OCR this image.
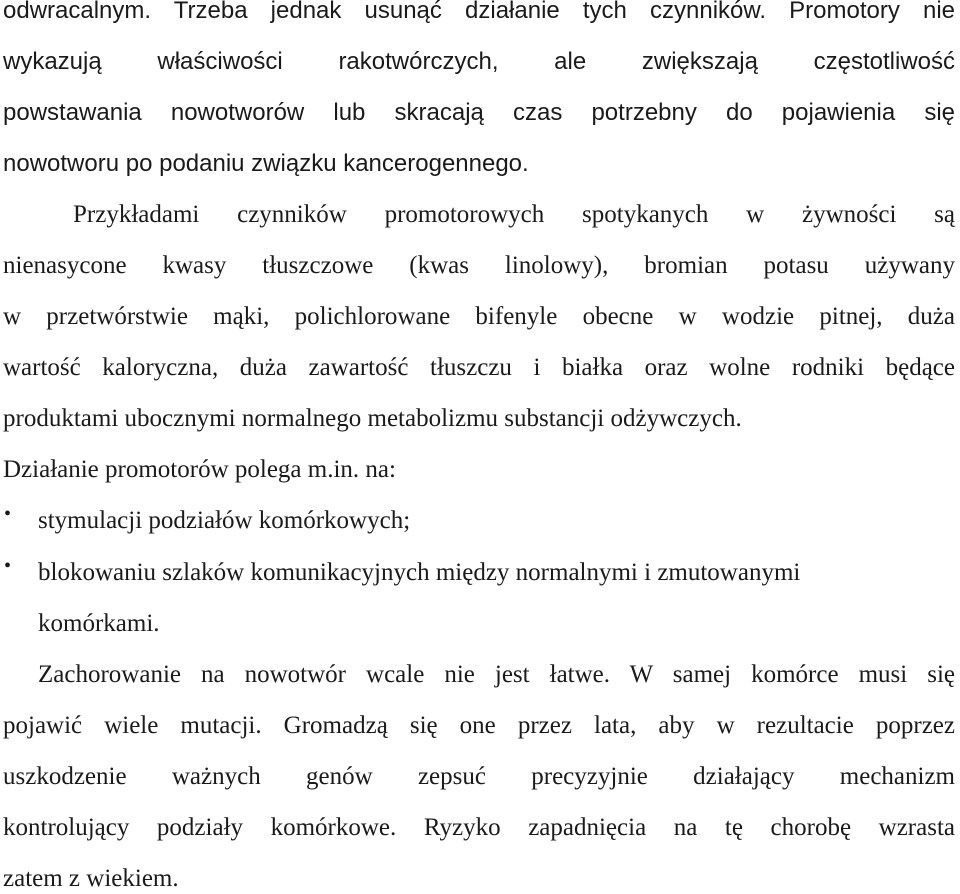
odwracalnym. Trzeba jednak usunąć działanie tych czynników. Promotory nie
wykazują właściwości rakotwórczych, ale zwiększają częstotliwość
powstawania nowotworów lub skracają czas potrzebny do pojawienia się
nowotworu po podaniu związku kancerogennego.
Przykładami czynników promotorowych spotykanych w żywności są
nienasycone kwasy tłuszczowe (kwas linolowy), bromian potasu używany
w przetwórstwie mąki, polichlorowane bifenyle obecne w wodzie pitnej, duża
wartość kaloryczna, duża zawartość tłuszczu i białka oraz wolne rodniki będące
produktami ubocznymi normalnego metabolizmu substancji odżywczych.
Działanie promotorów polega m.in. na:
• stymulacji podziałów komórkowych;
• blokowaniu szlaków komunikacyjnych między normalnymi i zmutowanymi
komórkami.
Zachorowanie na nowotwór wcale nie jest łatwe. W samej komórce musi się
pojawić wiele mutacji. Gromadzą się one przez lata, aby w rezultacie poprzez
uszkodzenie ważnych genów zepsuć precyzyjnie działający mechanizm
kontrolujący podziały komórkowe. Ryzyko zapadnięcia na tę chorobę wzrasta
zatem z wiekiem.
